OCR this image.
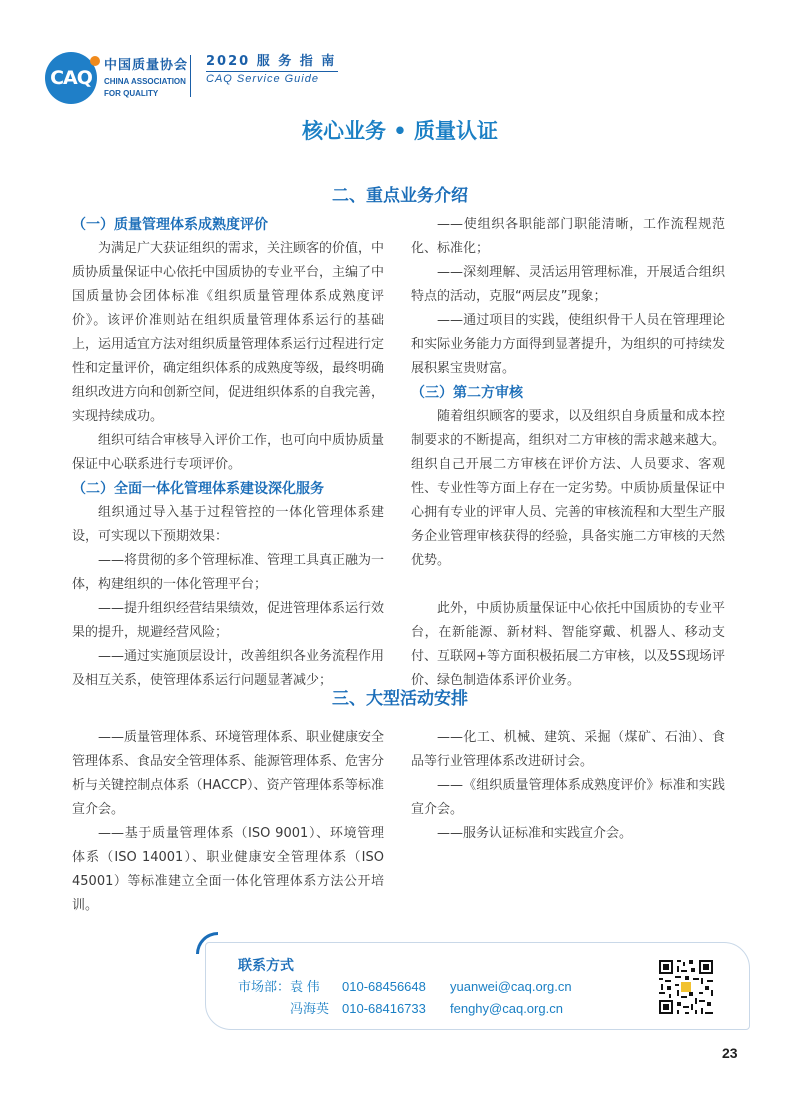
CAQ
中国质量协会
CHINA ASSOCIATION
FOR QUALITY
2020 服 务 指 南
CAQ Service Guide
核心业务 • 质量认证
二、重点业务介绍

（一）质量管理体系成熟度评价

为满足广大获证组织的需求，关注顾客的价值，中质协质量保证中心依托中国质协的专业平台，主编了中国质量协会团体标准《组织质量管理体系成熟度评价》。该评价准则站在组织质量管理体系运行的基础上，运用适宜方法对组织质量管理体系运行过程进行定性和定量评价，确定组织体系的成熟度等级，最终明确组织改进方向和创新空间，促进组织体系的自我完善，实现持续成功。

组织可结合审核导入评价工作，也可向中质协质量保证中心联系进行专项评价。

（二）全面一体化管理体系建设深化服务

组织通过导入基于过程管控的一体化管理体系建设，可实现以下预期效果：

——将贯彻的多个管理标准、管理工具真正融为一体，构建组织的一体化管理平台；

——提升组织经营结果绩效，促进管理体系运行效果的提升，规避经营风险；

——通过实施顶层设计，改善组织各业务流程作用及相互关系，使管理体系运行问题显著减少；

——使组织各职能部门职能清晰，工作流程规范化、标准化；

——深刻理解、灵活运用管理标准，开展适合组织特点的活动，克服“两层皮”现象；

——通过项目的实践，使组织骨干人员在管理理论和实际业务能力方面得到显著提升，为组织的可持续发展积累宝贵财富。

（三）第二方审核

随着组织顾客的要求，以及组织自身质量和成本控制要求的不断提高，组织对二方审核的需求越来越大。组织自己开展二方审核在评价方法、人员要求、客观性、专业性等方面上存在一定劣势。中质协质量保证中心拥有专业的评审人员、完善的审核流程和大型生产服务企业管理审核获得的经验，具备实施二方审核的天然优势。

此外，中质协质量保证中心依托中国质协的专业平台，在新能源、新材料、智能穿戴、机器人、移动支付、互联网+等方面积极拓展二方审核，以及5S现场评价、绿色制造体系评价业务。

三、大型活动安排

——质量管理体系、环境管理体系、职业健康安全管理体系、食品安全管理体系、能源管理体系、危害分析与关键控制点体系（HACCP）、资产管理体系等标准宣介会。

——基于质量管理体系（ISO 9001）、环境管理体系（ISO 14001）、职业健康安全管理体系（ISO 45001）等标准建立全面一体化管理体系方法公开培训。

——化工、机械、建筑、采掘（煤矿、石油）、食品等行业管理体系改进研讨会。

——《组织质量管理体系成熟度评价》标准和实践宣介会。

——服务认证标准和实践宣介会。

联系方式
市场部：袁 伟 010-68456648 yuanwei@caq.org.cn
冯海英 010-68416733 fenghy@caq.org.cn
23
